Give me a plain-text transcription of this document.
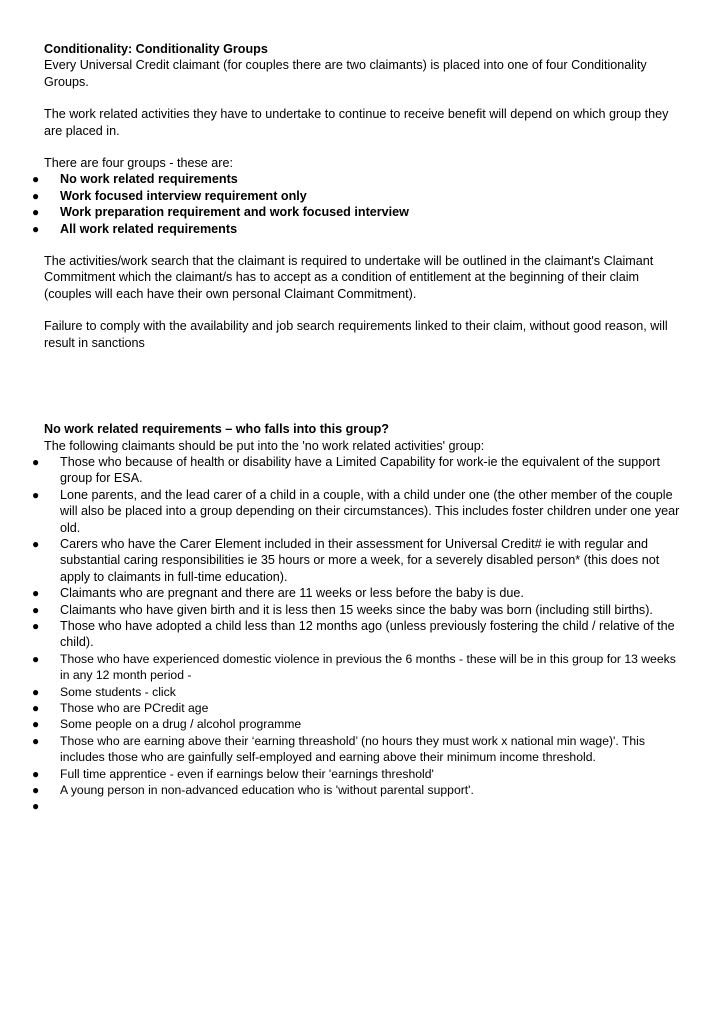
Conditionality: Conditionality Groups

Every Universal Credit claimant (for couples there are two claimants) is placed into one of four Conditionality Groups.

The work related activities they have to undertake to continue to receive benefit will depend on which group they are placed in.

There are four groups - these are:

● No work related requirements
● Work focused interview requirement only
● Work preparation requirement and work focused interview
● All work related requirements

The activities/work search that the claimant is required to undertake will be outlined in the claimant's Claimant Commitment which the claimant/s has to accept as a condition of entitlement at the beginning of their claim (couples will each have their own personal Claimant Commitment).

Failure to comply with the availability and job search requirements linked to their claim, without good reason, will result in sanctions

No work related requirements – who falls into this group?

The following claimants should be put into the 'no work related activities' group:

● Those who because of health or disability have a Limited Capability for work-ie the equivalent of the support group for ESA.
● Lone parents, and the lead carer of a child in a couple, with a child under one (the other member of the couple will also be placed into a group depending on their circumstances). This includes foster children under one year old.
● Carers who have the Carer Element included in their assessment for Universal Credit# ie with regular and substantial caring responsibilities ie 35 hours or more a week, for a severely disabled person* (this does not apply to claimants in full-time education).
● Claimants who are pregnant and there are 11 weeks or less before the baby is due.
● Claimants who have given birth and it is less then 15 weeks since the baby was born (including still births).
● Those who have adopted a child less than 12 months ago (unless previously fostering the child / relative of the child).
● Those who have experienced domestic violence in previous the 6 months - these will be in this group for 13 weeks in any 12 month period -
● Some students - click
● Those who are PCredit age
● Some people on a drug / alcohol programme
● Those who are earning above their ‘earning threashold’ (no hours they must work x national min wage)'. This includes those who are gainfully self-employed and earning above their minimum income threshold.
● Full time apprentice - even if earnings below their 'earnings threshold'
● A young person in non-advanced education who is 'without parental support'.
●
